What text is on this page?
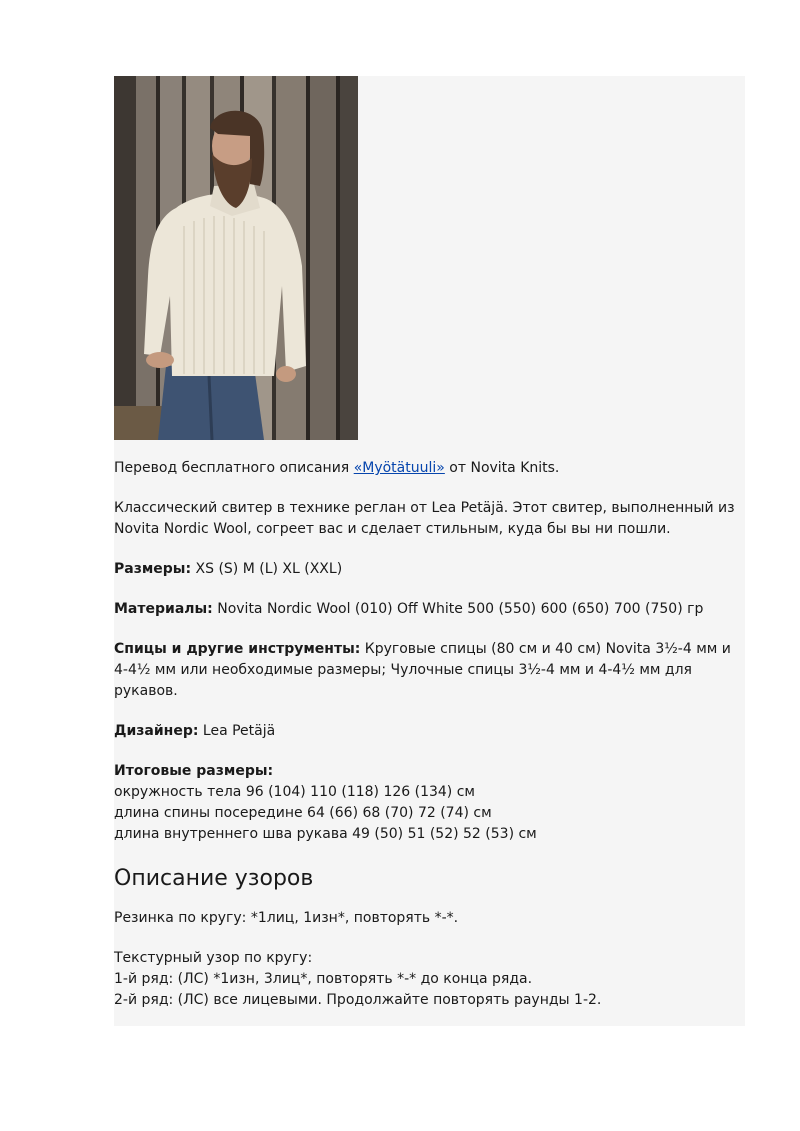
Перевод бесплатного описания «Myötätuuli» от Novita Knits.

Классический свитер в технике реглан от Lea Petäjä. Этот свитер, выполненный из Novita Nordic Wool, согреет вас и сделает стильным, куда бы вы ни пошли.

Размеры: XS (S) M (L) XL (XXL)

Материалы: Novita Nordic Wool (010) Off White 500 (550) 600 (650) 700 (750) гр

Спицы и другие инструменты: Круговые спицы (80 см и 40 см) Novita 3½-4 мм и 4-4½ мм или необходимые размеры; Чулочные спицы 3½-4 мм и 4-4½ мм для рукавов.

Дизайнер: Lea Petäjä

Итоговые размеры:
окружность тела 96 (104) 110 (118) 126 (134) см
длина спины посередине 64 (66) 68 (70) 72 (74) см
длина внутреннего шва рукава 49 (50) 51 (52) 52 (53) см

Описание узоров

Резинка по кругу: *1лиц, 1изн*, повторять *-*.

Текстурный узор по кругу:
1-й ряд: (ЛС) *1изн, 3лиц*, повторять *-* до конца ряда.
2-й ряд: (ЛС) все лицевыми. Продолжайте повторять раунды 1-2.
